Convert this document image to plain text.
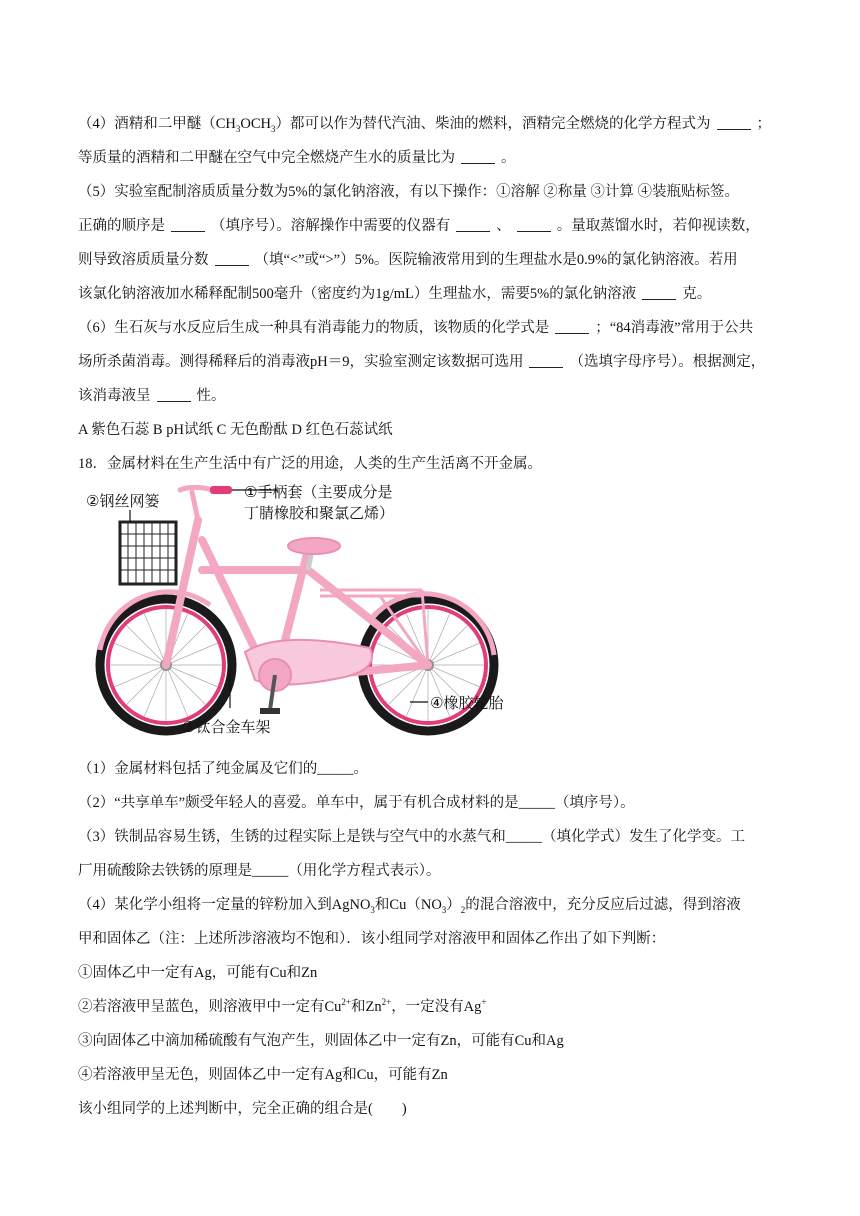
（4）酒精和二甲醚$(CH_3OCH_3)$都可以作为替代汽油、柴油的燃料，酒精完全燃烧的化学方程式为	；
等质量的酒精和二甲醚在空气中完全燃烧产生水的质量比为	。
（5）实验室配制溶质质量分数为5%的氯化钠溶液，有以下操作：①溶解 ②称量 ③计算 ④装瓶贴标签。
正确的顺序是	（填序号）。溶解操作中需要的仪器有	、	。量取蒸馏水时，若仰视读数，
则导致溶质质量分数	（填“<”或“>”）5%。医院输液常用到的生理盐水是0.9%的氯化钠溶液。若用
该氯化钠溶液加水稀释配制500毫升（密度约为1g/mL）生理盐水，需要5%的氯化钠溶液	克。
（6）生石灰与水反应后生成一种具有消毒能力的物质，该物质的化学式是	；“84消毒液”常用于公共
场所杀菌消毒。测得稀释后的消毒液pH＝9，实验室测定该数据可选用	（选填字母序号）。根据测定，
该消毒液呈	性。
A 紫色石蕊 B pH试纸 C 无色酚酞 D 红色石蕊试纸
18．金属材料在生产生活中有广泛的用途，人类的生产生活离不开金属。
①手柄套（主要成分是
丁腈橡胶和聚氯乙烯）
②钢丝网篓
③钛合金车架
④橡胶轮胎
（1）金属材料包括了纯金属及它们的_____。
（2）“共享单车”颇受年轻人的喜爱。单车中，属于有机合成材料的是_____（填序号）。
（3）铁制品容易生锈，生锈的过程实际上是铁与空气中的水蒸气和_____（填化学式）发生了化学变。工
厂用硫酸除去铁锈的原理是_____（用化学方程式表示）。
（4）某化学小组将一定量的锌粉加入到AgNO$_3$和$Cu(NO_3)_2$的混合溶液中，充分反应后过滤，得到溶液
甲和固体乙（注：上述所涉溶液均不饱和）．该小组同学对溶液甲和固体乙作出了如下判断：
①固体乙中一定有Ag，可能有Cu和Zn
②若溶液甲呈蓝色，则溶液甲中一定有$Cu^{2+}$和$Zn^{2+}$，一定没有Ag+
③向固体乙中滴加稀硫酸有气泡产生，则固体乙中一定有Zn，可能有Cu和Ag
④若溶液甲呈无色，则固体乙中一定有Ag和Cu，可能有Zn
该小组同学的上述判断中，完全正确的组合是(　　)
